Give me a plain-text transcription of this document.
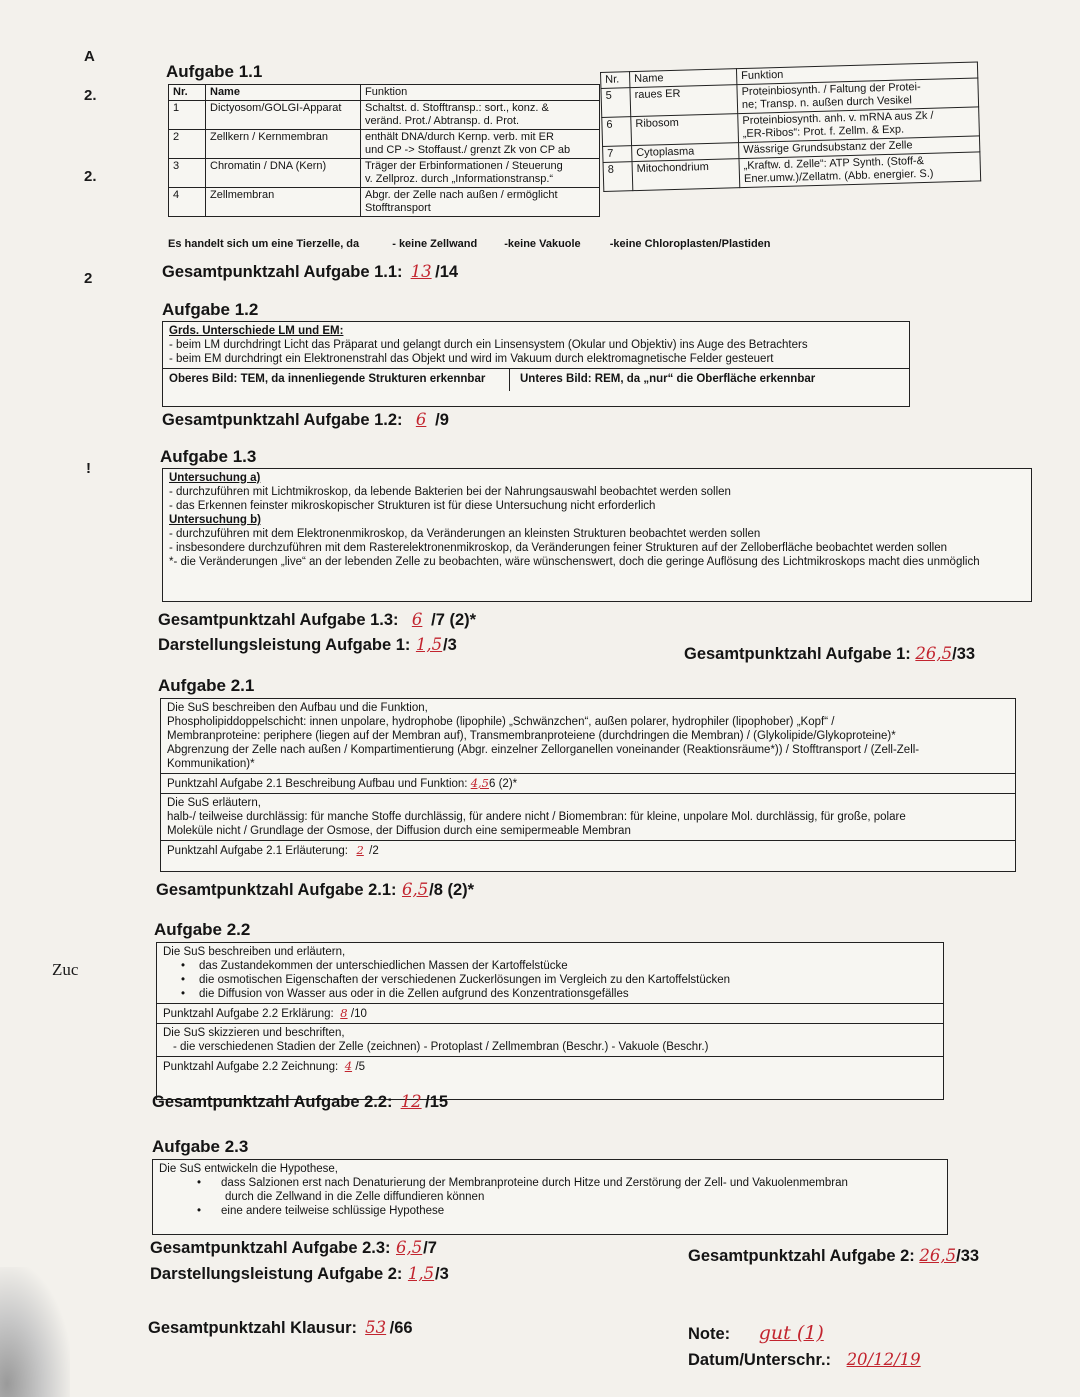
A
2.
2.
2
!
Zuc
Aufgabe 1.1
Nr.	Name	Funktion
1	Dictyosom/GOLGI-Apparat	Schaltst. d. Stofftransp.: sort., konz. &
veränd. Prot./ Abtransp. d. Prot.

2	Zellkern / Kernmembran	enthält DNA/durch Kernp. verb. mit ER
und CP -> Stoffaust./ grenzt Zk von CP ab

3	Chromatin / DNA (Kern)	Träger der Erbinformationen / Steuerung
v. Zellproz. durch „Informationstransp.“

4	Zellmembran	Abgr. der Zelle nach außen / ermöglicht
Stofftransport
Nr.	Name	Funktion
5	raues ER	Proteinbiosynth. / Faltung der Protei-
ne; Transp. n. außen durch Vesikel

6	Ribosom	Proteinbiosynth. anh. v. mRNA aus Zk /
„ER-Ribos“: Prot. f. Zellm. & Exp.

7	Cytoplasma	Wässrige Grundsubstanz der Zelle

8	Mitochondrium	„Kraftw. d. Zelle“: ATP Synth. (Stoff-&
Ener.umw.)/Zellatm. (Abb. energier. S.)
Es handelt sich um eine Tierzelle, da	- keine Zellwand -keine Vakuole	-keine Chloroplasten/Plastiden
Gesamtpunktzahl Aufgabe 1.1: 13 /14
Aufgabe 1.2
Grds. Unterschiede LM und EM:
- beim LM durchdringt Licht das Präparat und gelangt durch ein Linsensystem (Okular und Objektiv) ins Auge des Betrachters
- beim EM durchdringt ein Elektronenstrahl das Objekt und wird im Vakuum durch elektromagnetische Felder gesteuert
Oberes Bild: TEM, da innenliegende Strukturen erkennbar	Unteres Bild: REM, da „nur“ die Oberfläche erkennbar
Gesamtpunktzahl Aufgabe 1.2: 6 /9
Aufgabe 1.3
Untersuchung a)
- durchzuführen mit Lichtmikroskop, da lebende Bakterien bei der Nahrungsauswahl beobachtet werden sollen
- das Erkennen feinster mikroskopischer Strukturen ist für diese Untersuchung nicht erforderlich
Untersuchung b)
- durchzuführen mit dem Elektronenmikroskop, da Veränderungen an kleinsten Strukturen beobachtet werden sollen
- insbesondere durchzuführen mit dem Rasterelektronenmikroskop, da Veränderungen feiner Strukturen auf der Zelloberfläche beobachtet werden sollen
*- die Veränderungen „live“ an der lebenden Zelle zu beobachten, wäre wünschenswert, doch die geringe Auflösung des Lichtmikroskops macht dies unmöglich
Gesamtpunktzahl Aufgabe 1.3: 6 /7 (2)*
Darstellungsleistung Aufgabe 1: 1,5/3	Gesamtpunktzahl Aufgabe 1: 26,5/33
Aufgabe 2.1
Die SuS beschreiben den Aufbau und die Funktion,
Phospholipiddoppelschicht: innen unpolare, hydrophobe (lipophile) „Schwänzchen“, außen polarer, hydrophiler (lipophober) „Kopf“ /
Membranproteine: periphere (liegen auf der Membran auf), Transmembranproteiene (durchdringen die Membran) / (Glykolipide/Glykoproteine)*
Abgrenzung der Zelle nach außen / Kompartimentierung (Abgr. einzelner Zellorganellen voneinander (Reaktionsräume*)) / Stofftransport / (Zell-Zell-
Kommunikation)*
Punktzahl Aufgabe 2.1 Beschreibung Aufbau und Funktion: 4,56 (2)*
Die SuS erläutern,
halb-/ teilweise durchlässig: für manche Stoffe durchlässig, für andere nicht / Biomembran: für kleine, unpolare Mol. durchlässig, für große, polare
Moleküle nicht / Grundlage der Osmose, der Diffusion durch eine semipermeable Membran
Punktzahl Aufgabe 2.1 Erläuterung: 2 /2
Gesamtpunktzahl Aufgabe 2.1: 6,5/8 (2)*
Aufgabe 2.2
Die SuS beschreiben und erläutern,
• das Zustandekommen der unterschiedlichen Massen der Kartoffelstücke
• die osmotischen Eigenschaften der verschiedenen Zuckerlösungen im Vergleich zu den Kartoffelstücken
• die Diffusion von Wasser aus oder in die Zellen aufgrund des Konzentrationsgefälles
Punktzahl Aufgabe 2.2 Erklärung: 8 /10
Die SuS skizzieren und beschriften,
- die verschiedenen Stadien der Zelle (zeichnen) - Protoplast / Zellmembran (Beschr.) - Vakuole (Beschr.)
Punktzahl Aufgabe 2.2 Zeichnung: 4 /5
Gesamtpunktzahl Aufgabe 2.2: 12 /15
Aufgabe 2.3
Die SuS entwickeln die Hypothese,
• dass Salzionen erst nach Denaturierung der Membranproteine durch Hitze und Zerstörung der Zell- und Vakuolenmembran
durch die Zellwand in die Zelle diffundieren können
• eine andere teilweise schlüssige Hypothese
Gesamtpunktzahl Aufgabe 2.3: 6,5/7
Darstellungsleistung Aufgabe 2: 1,5/3
Gesamtpunktzahl Aufgabe 2: 26,5/33
Gesamtpunktzahl Klausur: 53 /66	Note: gut (1)
Datum/Unterschr.: 20/12/19
